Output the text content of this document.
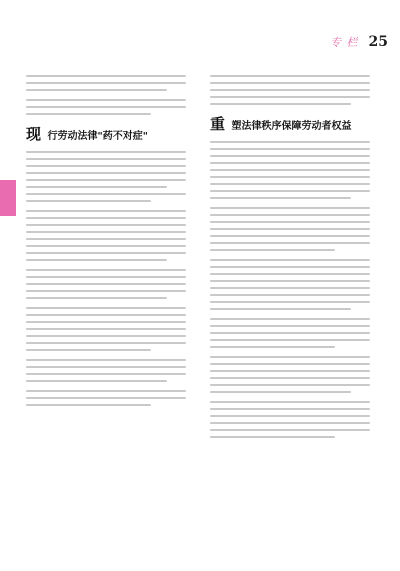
专 栏 25
现 行劳动法律"药不对症"
重 塑法律秩序保障劳动者权益
